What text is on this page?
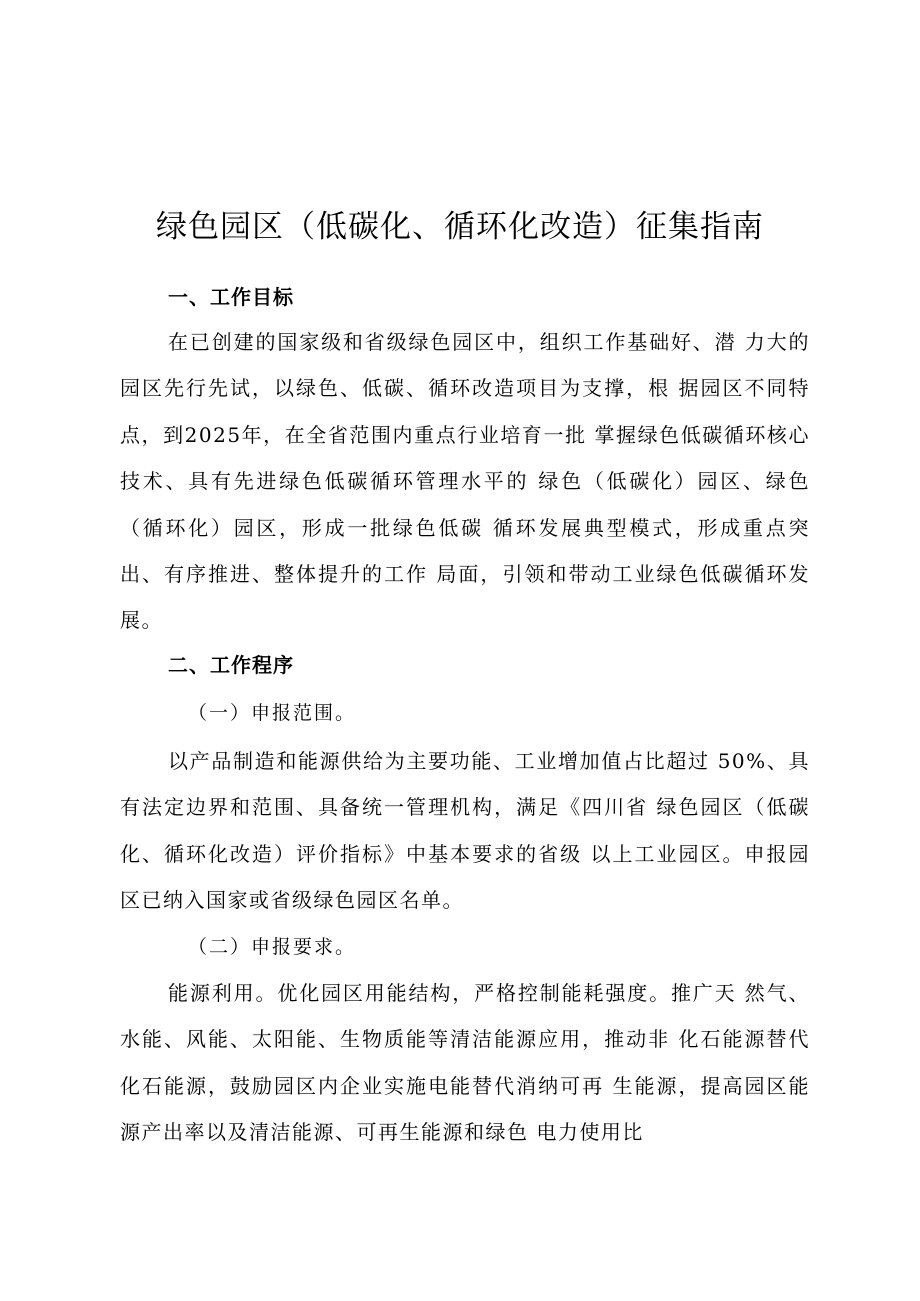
绿色园区（低碳化、循环化改造）征集指南
一、工作目标

在已创建的国家级和省级绿色园区中，组织工作基础好、潜 力大的园区先行先试，以绿色、低碳、循环改造项目为支撑，根 据园区不同特点，到2025年，在全省范围内重点行业培育一批 掌握绿色低碳循环核心技术、具有先进绿色低碳循环管理水平的 绿色（低碳化）园区、绿色（循环化）园区，形成一批绿色低碳 循环发展典型模式，形成重点突出、有序推进、整体提升的工作 局面，引领和带动工业绿色低碳循环发展。

二、工作程序
（一）申报范围。

以产品制造和能源供给为主要功能、工业增加值占比超过 50%、具有法定边界和范围、具备统一管理机构，满足《四川省 绿色园区（低碳化、循环化改造）评价指标》中基本要求的省级 以上工业园区。申报园区已纳入国家或省级绿色园区名单。

（二）申报要求。

能源利用。优化园区用能结构，严格控制能耗强度。推广天 然气、水能、风能、太阳能、生物质能等清洁能源应用，推动非 化石能源替代化石能源，鼓励园区内企业实施电能替代消纳可再 生能源，提高园区能源产出率以及清洁能源、可再生能源和绿色 电力使用比
